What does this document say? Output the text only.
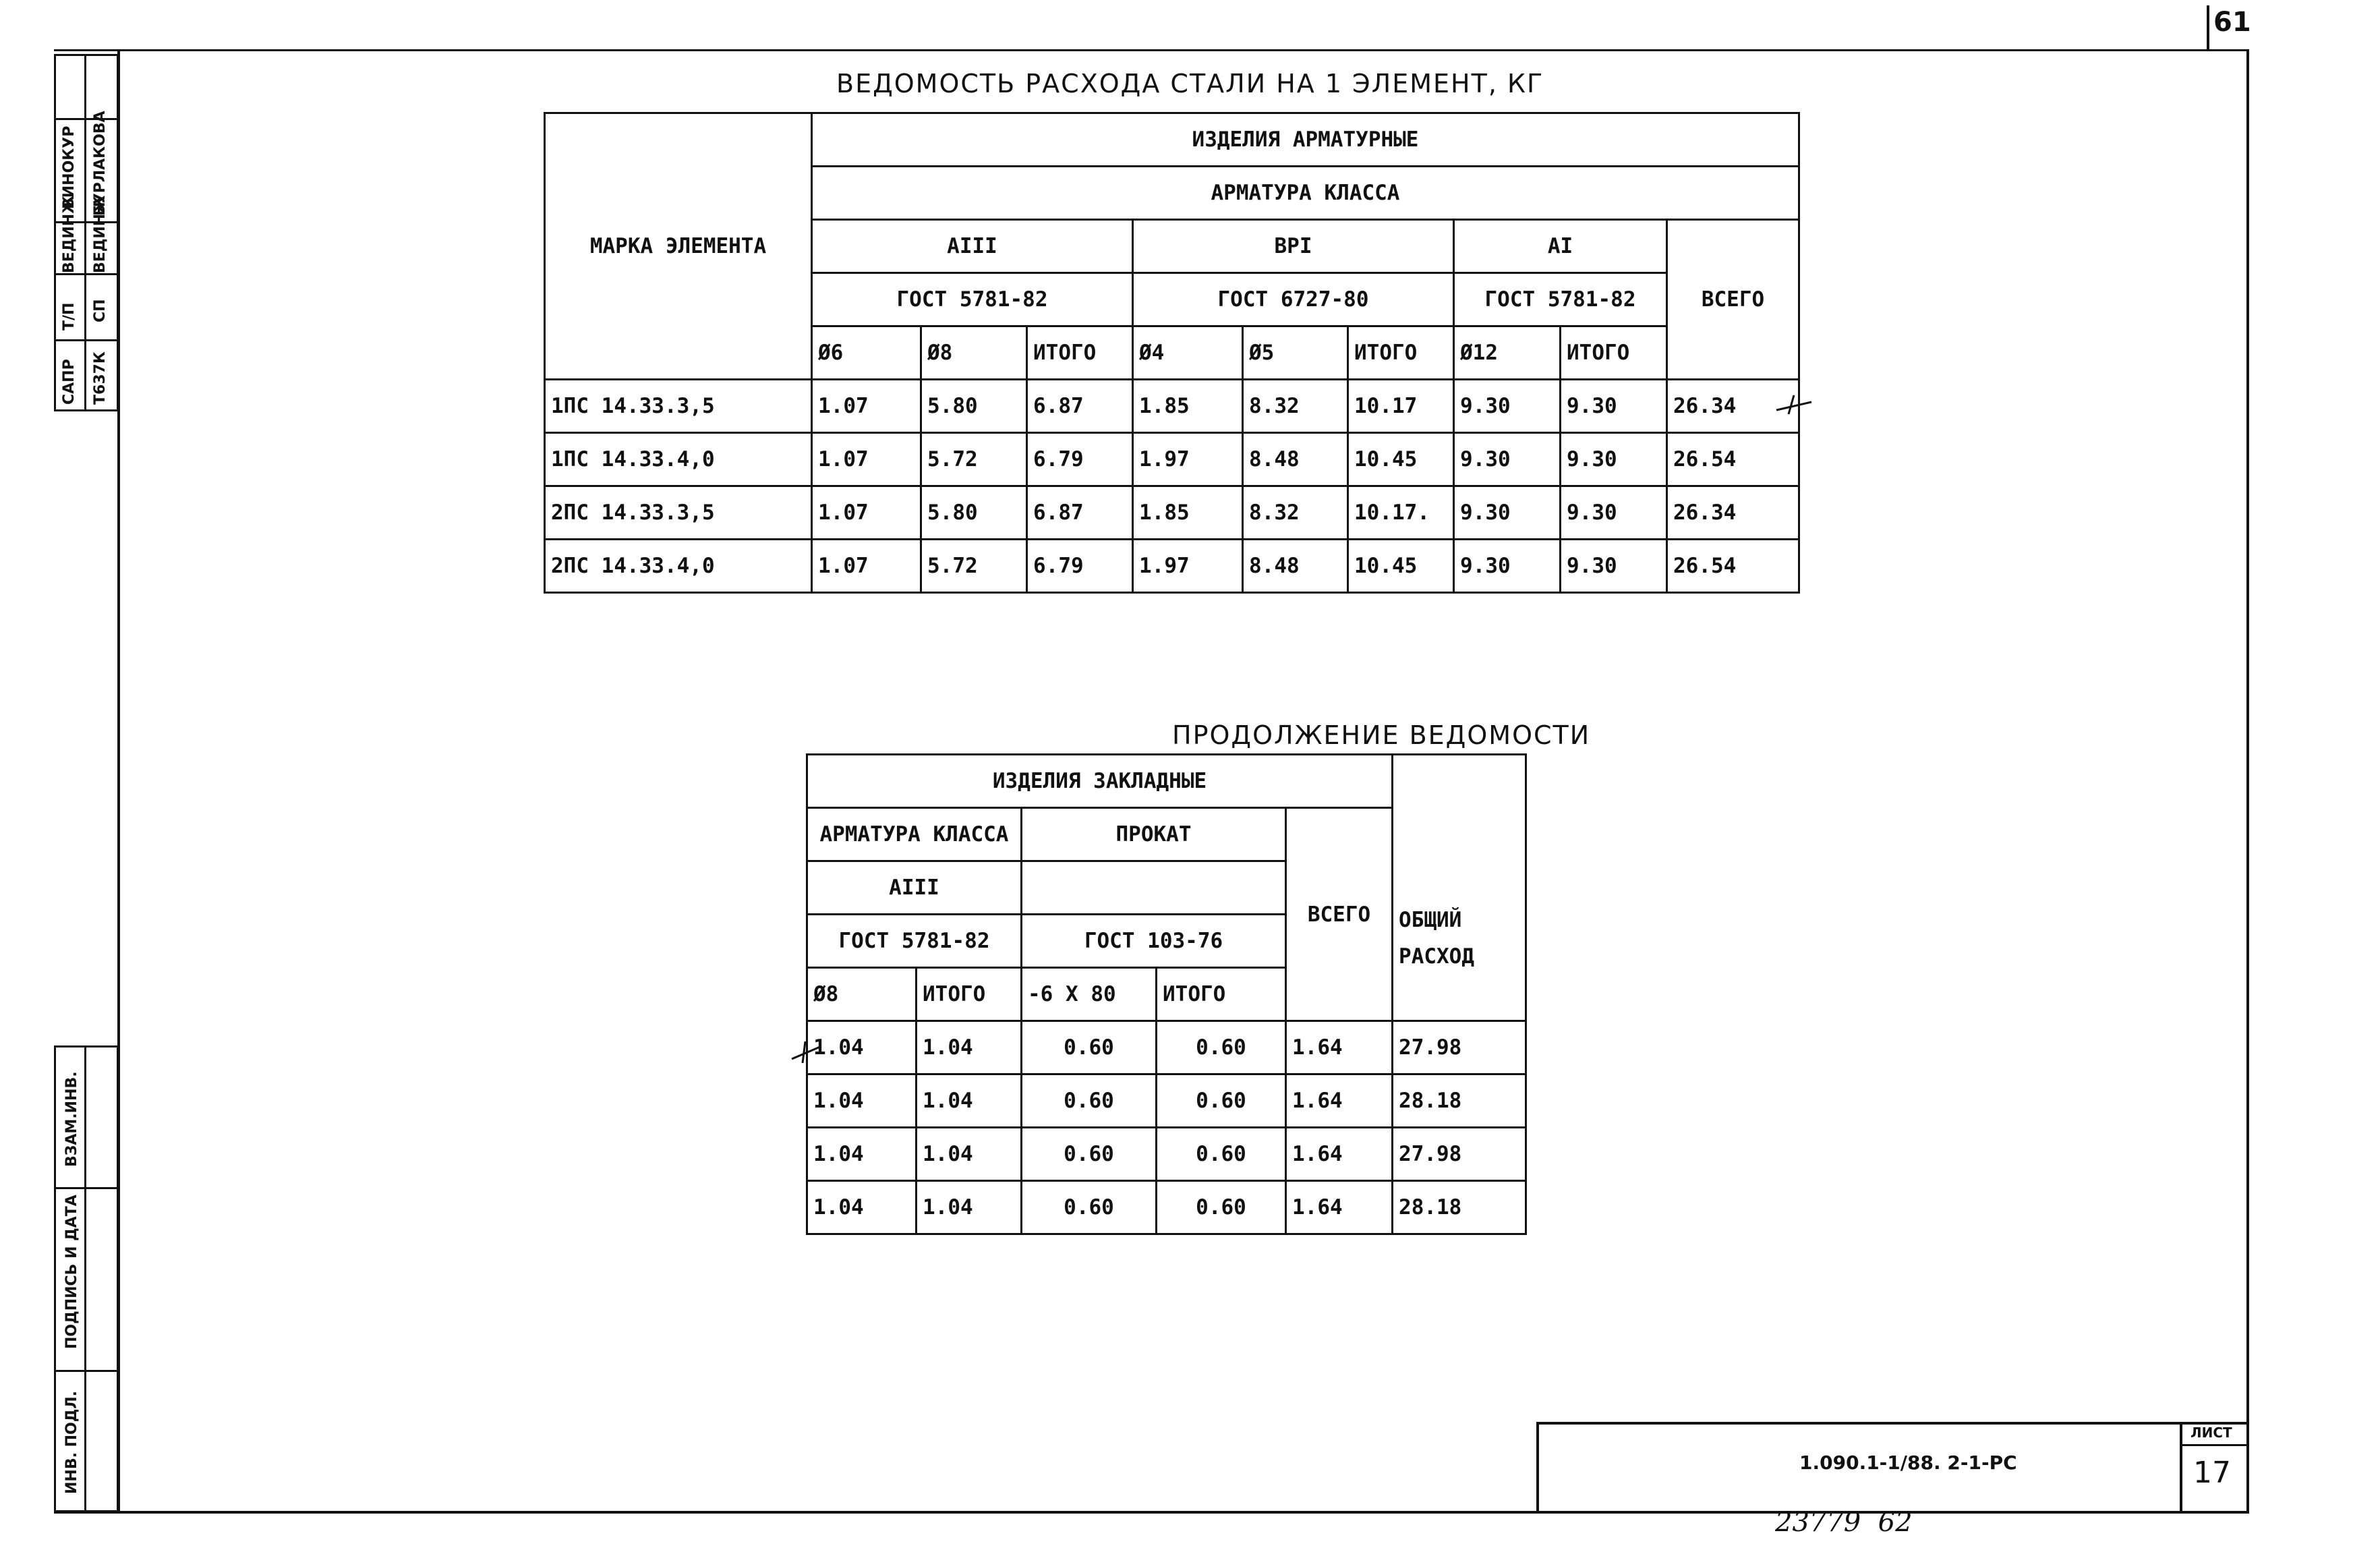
61
САПР
Т/П
ВЕДИНЖ
ВИНОКУР
Т637К
СП
ВЕДИНЖ
БУРЛАКОВА
ИНВ. ПОДЛ.
ПОДПИСЬ И ДАТА
ВЗАМ.ИНВ.
ВЕДОМОСТЬ РАСХОДА СТАЛИ НА 1 ЭЛЕМЕНТ, КГ
МАРКА ЭЛЕМЕНТА	ИЗДЕЛИЯ АРМАТУРНЫЕ								
	АРМАТУРА КЛАССА								
	AIII			ВРI			AI		ВСЕГО
	ГОСТ 5781-82			ГОСТ 6727-80			ГОСТ 5781-82		
	Ø6	Ø8	ИТОГО	Ø4	Ø5	ИТОГО	Ø12	ИТОГО	
1ПС 14.33.3,5	1.07	5.80	6.87	1.85	8.32	10.17	9.30	9.30	26.34
1ПС 14.33.4,0	1.07	5.72	6.79	1.97	8.48	10.45	9.30	9.30	26.54
2ПС 14.33.3,5	1.07	5.80	6.87	1.85	8.32	10.17.	9.30	9.30	26.34
2ПС 14.33.4,0	1.07	5.72	6.79	1.97	8.48	10.45	9.30	9.30	26.54
ПРОДОЛЖЕНИЕ ВЕДОМОСТИ
ИЗДЕЛИЯ ЗАКЛАДНЫЕ					ОБЩИЙ
РАСХОД

АРМАТУРА КЛАССА		ПРОКАТ		ВСЕГО	
AIII					
ГОСТ 5781-82		ГОСТ 103-76			
Ø8	ИТОГО	-6 X 80	ИТОГО		
1.04	1.04	0.60	0.60	1.64	27.98
1.04	1.04	0.60	0.60	1.64	28.18
1.04	1.04	0.60	0.60	1.64	27.98
1.04	1.04	0.60	0.60	1.64	28.18
1.090.1-1/88. 2-1-РС
ЛИСТ
17
23779  62
